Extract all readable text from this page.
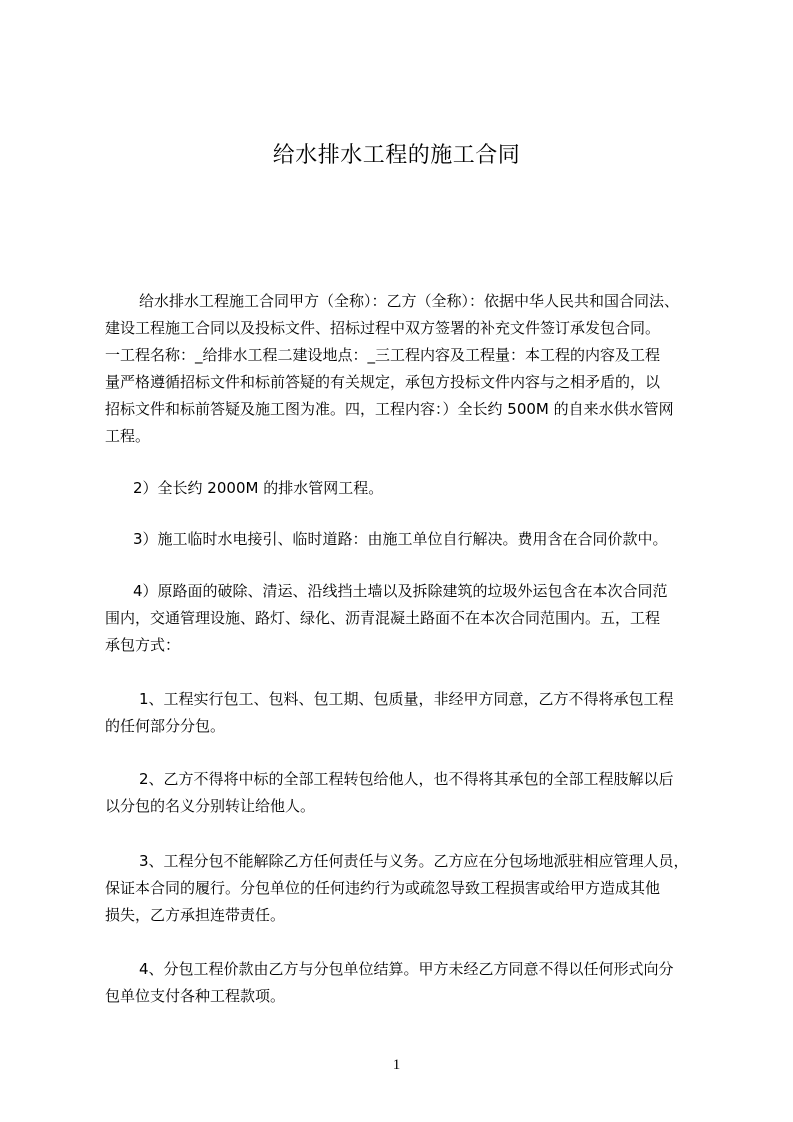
给水排水工程的施工合同
给水排水工程施工合同甲方（全称）：乙方（全称）：依据中华人民共和国合同法、
建设工程施工合同以及投标文件、招标过程中双方签署的补充文件签订承发包合同。
一工程名称：_给排水工程二建设地点：_三工程内容及工程量：本工程的内容及工程
量严格遵循招标文件和标前答疑的有关规定，承包方投标文件内容与之相矛盾的，以
招标文件和标前答疑及施工图为准。四，工程内容：）全长约 500M 的自来水供水管网
工程。
2）全长约 2000M 的排水管网工程。
3）施工临时水电接引、临时道路：由施工单位自行解决。费用含在合同价款中。
4）原路面的破除、清运、沿线挡土墙以及拆除建筑的垃圾外运包含在本次合同范
围内，交通管理设施、路灯、绿化、沥青混凝土路面不在本次合同范围内。五，工程
承包方式：
1、工程实行包工、包料、包工期、包质量，非经甲方同意，乙方不得将承包工程
的任何部分分包。
2、乙方不得将中标的全部工程转包给他人，也不得将其承包的全部工程肢解以后
以分包的名义分别转让给他人。
3、工程分包不能解除乙方任何责任与义务。乙方应在分包场地派驻相应管理人员，
保证本合同的履行。分包单位的任何违约行为或疏忽导致工程损害或给甲方造成其他
损失，乙方承担连带责任。
4、分包工程价款由乙方与分包单位结算。甲方未经乙方同意不得以任何形式向分
包单位支付各种工程款项。
1
